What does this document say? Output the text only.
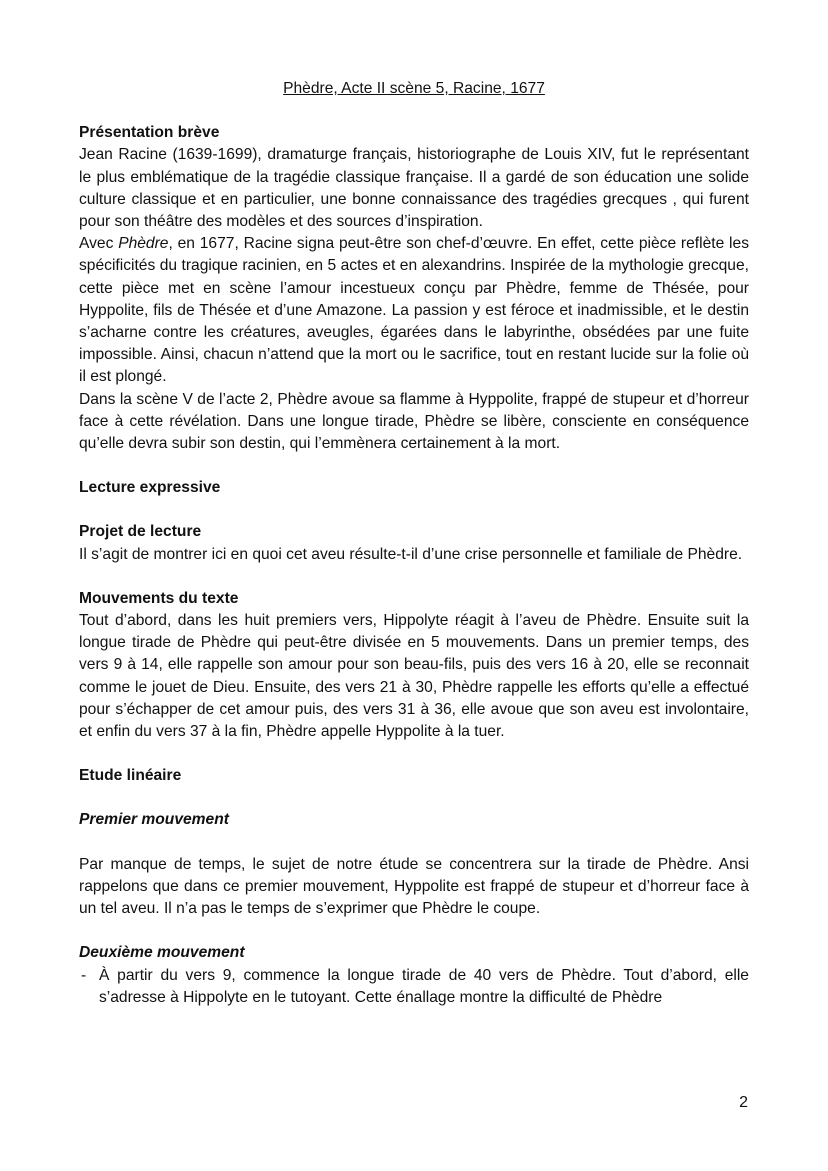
Phèdre, Acte II scène 5, Racine, 1677
Présentation brève

Jean Racine (1639-1699), dramaturge français, historiographe de Louis XIV, fut le représentant le plus emblématique de la tragédie classique française. Il a gardé de son éducation une solide culture classique et en particulier, une bonne connaissance des tragédies grecques , qui furent pour son théâtre des modèles et des sources d’inspiration.

Avec Phèdre, en 1677, Racine signa peut-être son chef-d’œuvre. En effet, cette pièce reflète les spécificités du tragique racinien, en 5 actes et en alexandrins. Inspirée de la mythologie grecque, cette pièce met en scène l’amour incestueux conçu par Phèdre, femme de Thésée, pour Hyppolite, fils de Thésée et d’une Amazone. La passion y est féroce et inadmissible, et le destin s’acharne contre les créatures, aveugles, égarées dans le labyrinthe, obsédées par une fuite impossible. Ainsi, chacun n’attend que la mort ou le sacrifice, tout en restant lucide sur la folie où il est plongé.

Dans la scène V de l’acte 2, Phèdre avoue sa flamme à Hyppolite, frappé de stupeur et d’horreur face à cette révélation. Dans une longue tirade, Phèdre se libère, consciente en conséquence qu’elle devra subir son destin, qui l’emmènera certainement à la mort.

Lecture expressive
Projet de lecture

Il s’agit de montrer ici en quoi cet aveu résulte-t-il d’une crise personnelle et familiale de Phèdre.

Mouvements du texte

Tout d’abord, dans les huit premiers vers, Hippolyte réagit à l’aveu de Phèdre. Ensuite suit la longue tirade de Phèdre qui peut-être divisée en 5 mouvements. Dans un premier temps, des vers 9 à 14, elle rappelle son amour pour son beau-fils, puis des vers 16 à 20, elle se reconnait comme le jouet de Dieu. Ensuite, des vers 21 à 30, Phèdre rappelle les efforts qu’elle a effectué pour s’échapper de cet amour puis, des vers 31 à 36, elle avoue que son aveu est involontaire, et enfin du vers 37 à la fin, Phèdre appelle Hyppolite à la tuer.

Etude linéaire
Premier mouvement

Par manque de temps, le sujet de notre étude se concentrera sur la tirade de Phèdre. Ansi rappelons que dans ce premier mouvement, Hyppolite est frappé de stupeur et d’horreur face à un tel aveu. Il n’a pas le temps de s’exprimer que Phèdre le coupe.

Deuxième mouvement
- À partir du vers 9, commence la longue tirade de 40 vers de Phèdre. Tout d’abord, elle s’adresse à Hippolyte en le tutoyant. Cette énallage montre la difficulté de Phèdre
2
